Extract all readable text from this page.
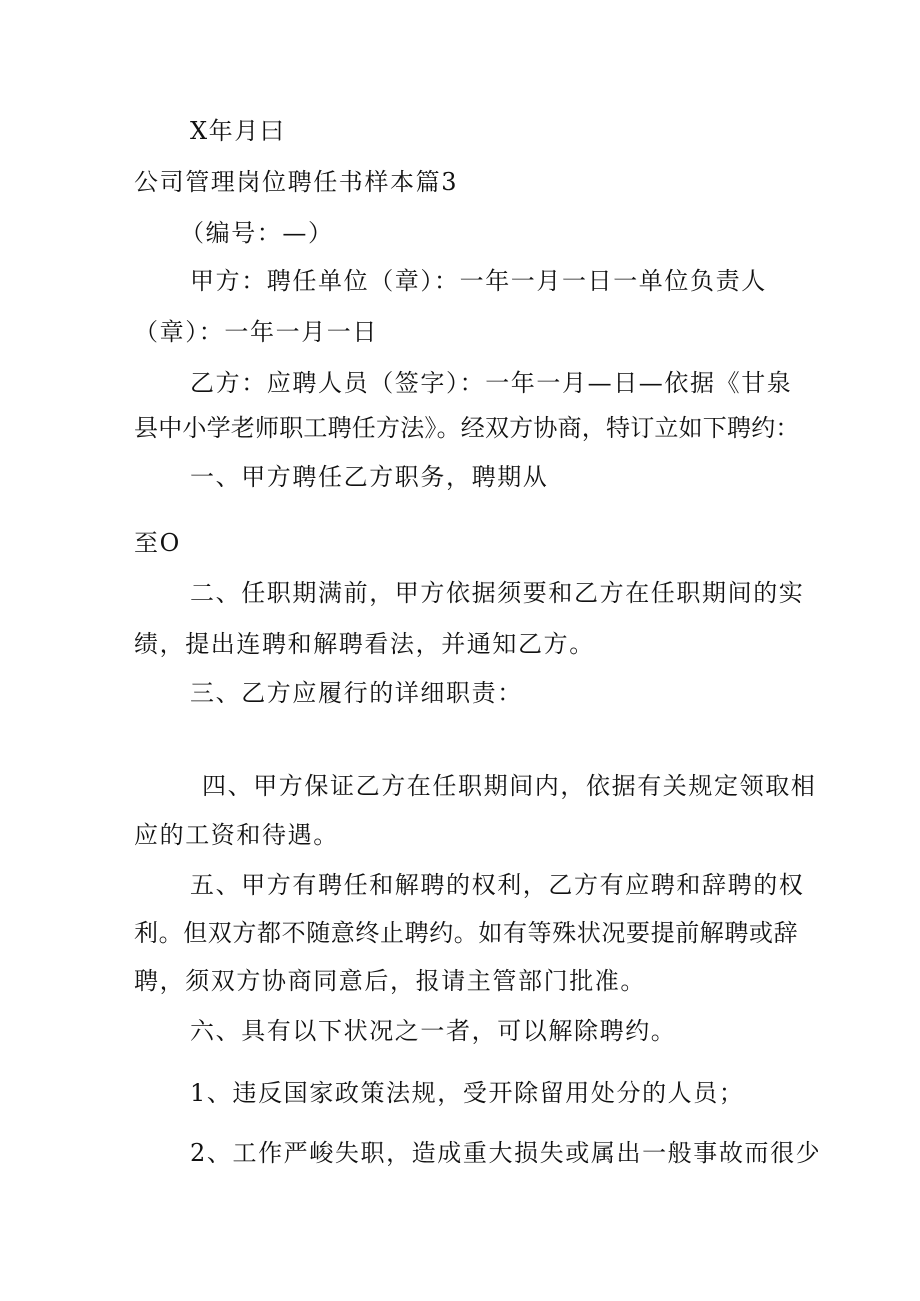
X年月曰
公司管理岗位聘任书样本篇3
（编号：—）
甲方：聘任单位（章）：一年一月一日一单位负责人
（章）：一年一月一日
乙方：应聘人员（签字）：一年一月—日—依据《甘泉
县中小学老师职工聘任方法》。经双方协商，特订立如下聘约：
一、甲方聘任乙方职务，聘期从
至O
二、任职期满前，甲方依据须要和乙方在任职期间的实
绩，提出连聘和解聘看法，并通知乙方。
三、乙方应履行的详细职责：
四、甲方保证乙方在任职期间内，依据有关规定领取相
应的工资和待遇。
五、甲方有聘任和解聘的权利，乙方有应聘和辞聘的权
利。但双方都不随意终止聘约。如有等殊状况要提前解聘或辞
聘，须双方协商同意后，报请主管部门批准。
六、具有以下状况之一者，可以解除聘约。
1、违反国家政策法规，受开除留用处分的人员；
2、工作严峻失职，造成重大损失或属出一般事故而很少
